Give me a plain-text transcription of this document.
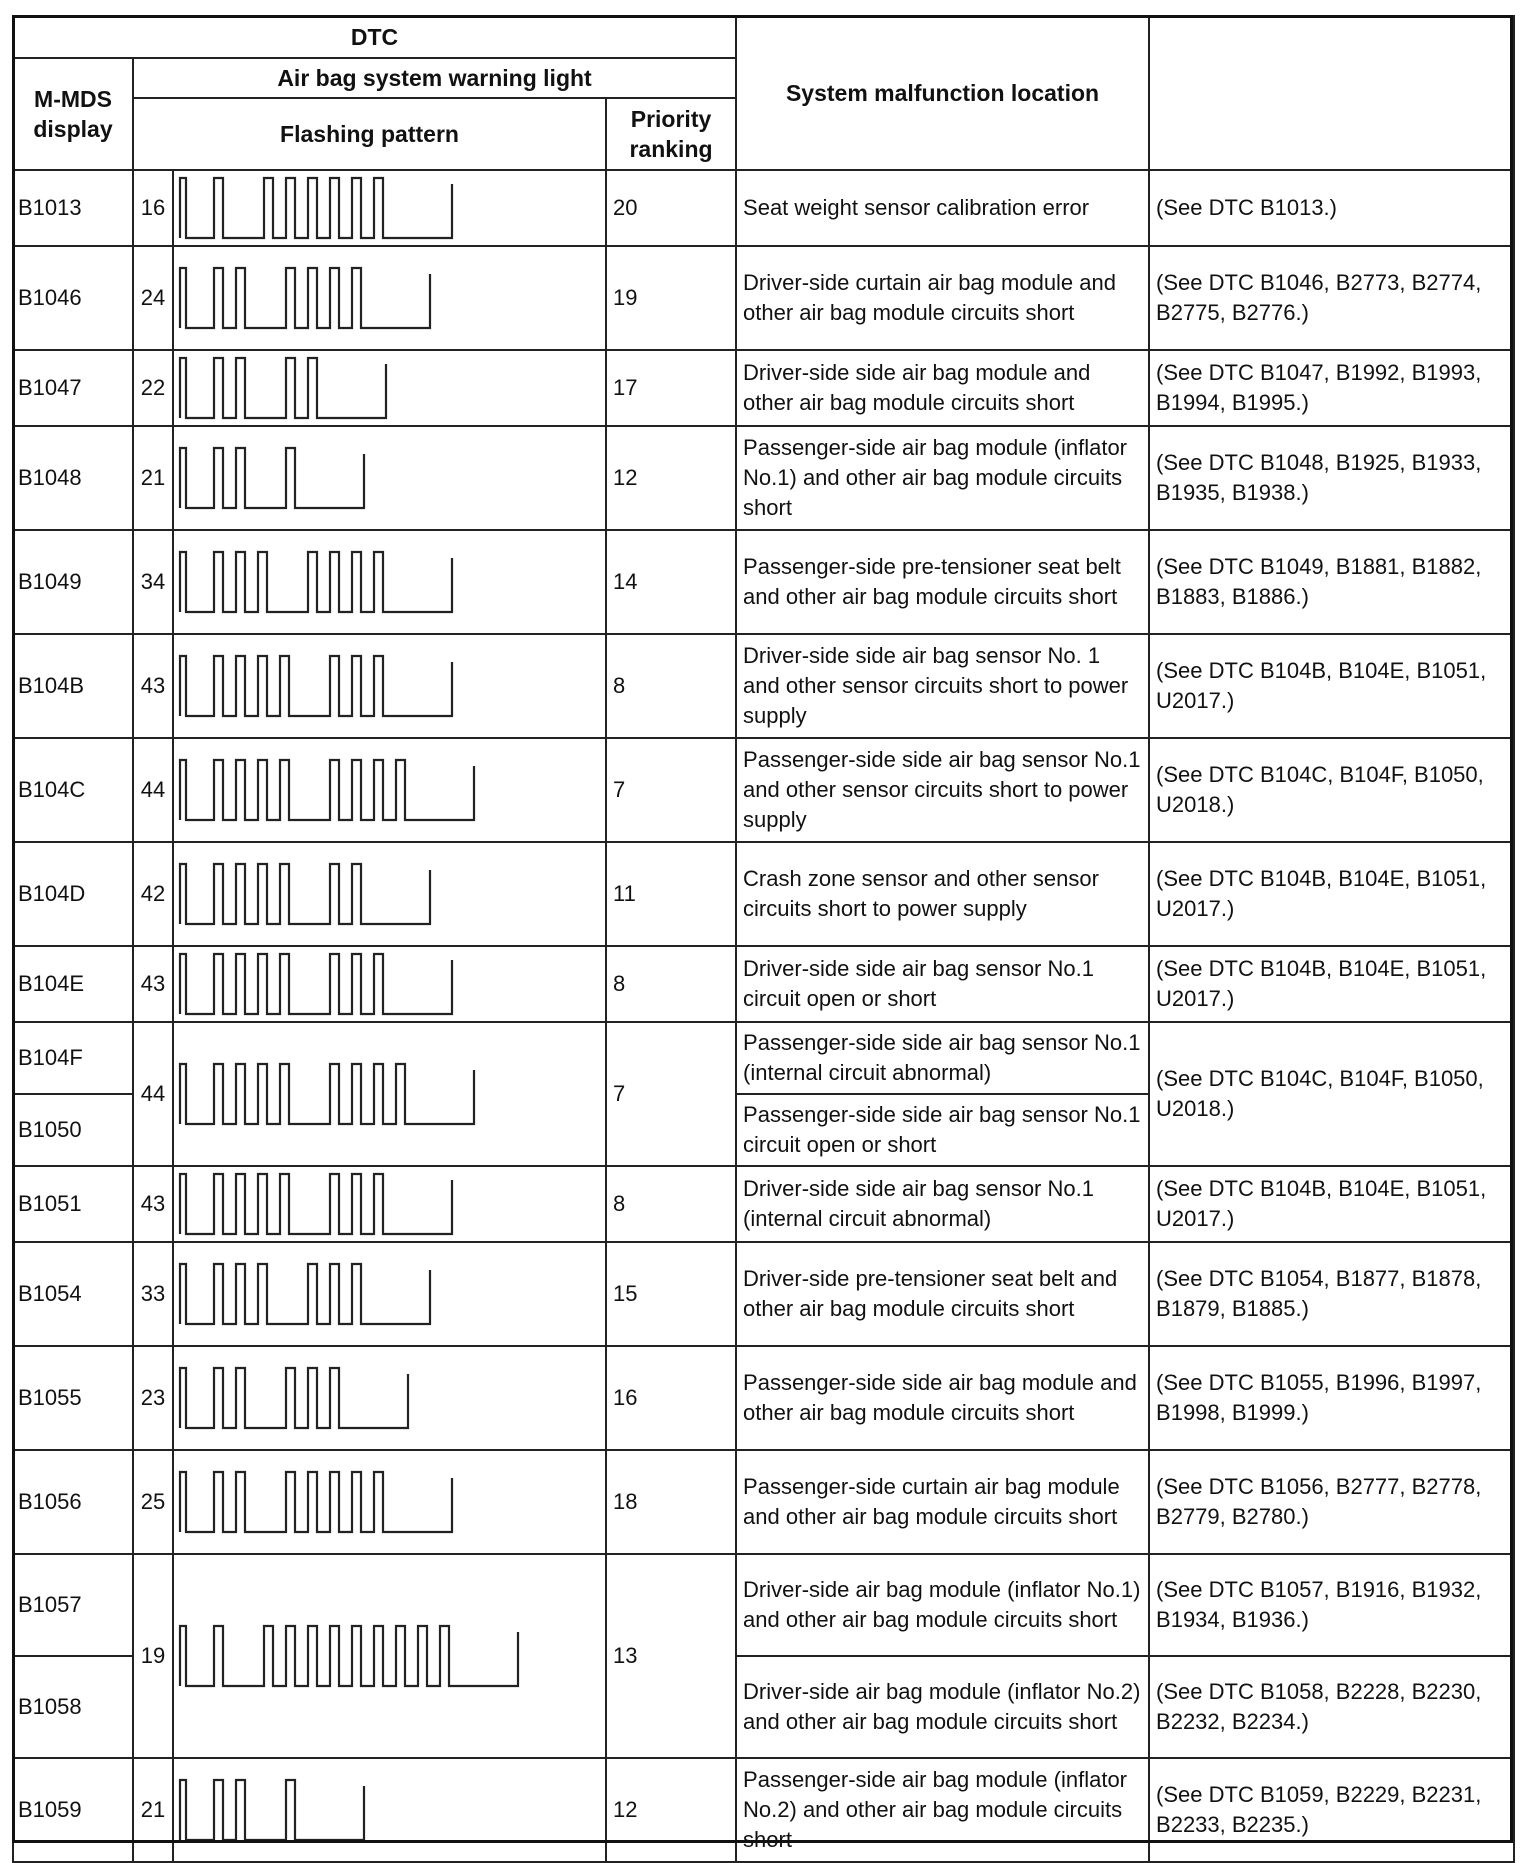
DTC				System malfunction location	
M-MDS display	Air bag system warning light				
	Flashing pattern		Priority ranking		
B1013	16		20	Seat weight sensor calibration error	(See DTC B1013.)
B1046	24		19	Driver-side curtain air bag module and other air bag module circuits short	(See DTC B1046, B2773, B2774, B2775, B2776.)
B1047	22		17	Driver-side side air bag module and other air bag module circuits short	(See DTC B1047, B1992, B1993, B1994, B1995.)
B1048	21		12	Passenger-side air bag module (inflator No.1) and other air bag module circuits short	(See DTC B1048, B1925, B1933, B1935, B1938.)
B1049	34		14	Passenger-side pre-tensioner seat belt and other air bag module circuits short	(See DTC B1049, B1881, B1882, B1883, B1886.)
B104B	43		8	Driver-side side air bag sensor No. 1 and other sensor circuits short to power supply	(See DTC B104B, B104E, B1051, U2017.)
B104C	44		7	Passenger-side side air bag sensor No.1 and other sensor circuits short to power supply	(See DTC B104C, B104F, B1050, U2018.)
B104D	42		11	Crash zone sensor and other sensor circuits short to power supply	(See DTC B104B, B104E, B1051, U2017.)
B104E	43		8	Driver-side side air bag sensor No.1 circuit open or short	(See DTC B104B, B104E, B1051, U2017.)
B104F	44		7	Passenger-side side air bag sensor No.1 (internal circuit abnormal)	(See DTC B104C, B104F, B1050, U2018.)
B1050				Passenger-side side air bag sensor No.1 circuit open or short	
B1051	43		8	Driver-side side air bag sensor No.1 (internal circuit abnormal)	(See DTC B104B, B104E, B1051, U2017.)
B1054	33		15	Driver-side pre-tensioner seat belt and other air bag module circuits short	(See DTC B1054, B1877, B1878, B1879, B1885.)
B1055	23		16	Passenger-side side air bag module and other air bag module circuits short	(See DTC B1055, B1996, B1997, B1998, B1999.)
B1056	25		18	Passenger-side curtain air bag module and other air bag module circuits short	(See DTC B1056, B2777, B2778, B2779, B2780.)
B1057	19		13	Driver-side air bag module (inflator No.1) and other air bag module circuits short	(See DTC B1057, B1916, B1932, B1934, B1936.)
B1058				Driver-side air bag module (inflator No.2) and other air bag module circuits short	(See DTC B1058, B2228, B2230, B2232, B2234.)
B1059	21		12	Passenger-side air bag module (inflator No.2) and other air bag module circuits short	(See DTC B1059, B2229, B2231, B2233, B2235.)
